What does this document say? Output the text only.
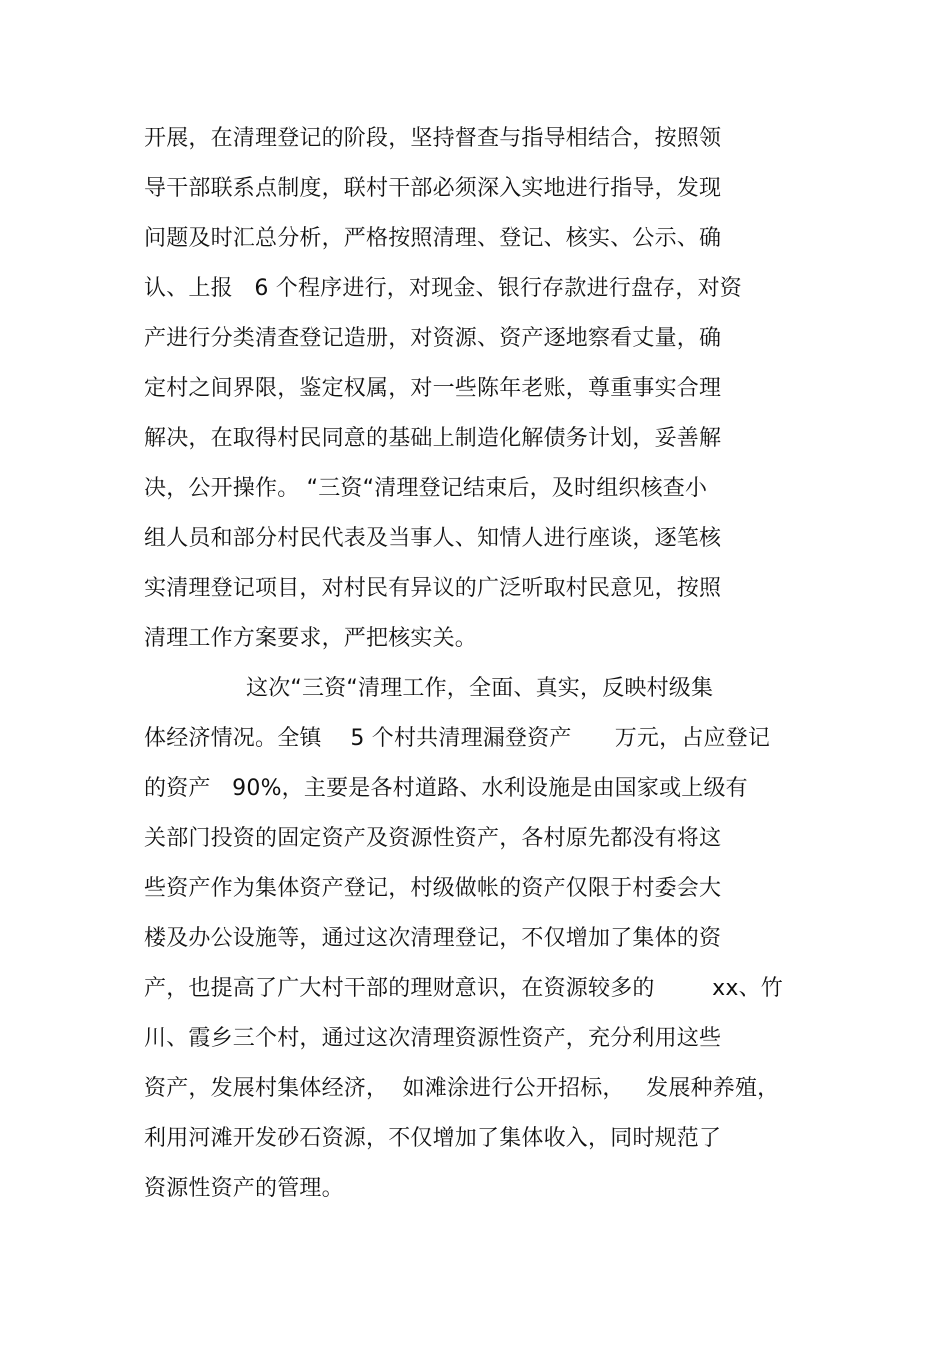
开展，在清理登记的阶段，坚持督查与指导相结合，按照领
导干部联系点制度，联村干部必须深入实地进行指导，发现
问题及时汇总分析，严格按照清理、登记、核实、公示、确
认、上报   6 个程序进行，对现金、银行存款进行盘存，对资
产进行分类清查登记造册，对资源、资产逐地察看丈量，确
定村之间界限，鉴定权属，对一些陈年老账，尊重事实合理
解决，在取得村民同意的基础上制造化解债务计划，妥善解
决，公开操作。 “三资“清理登记结束后，及时组织核查小
组人员和部分村民代表及当事人、知情人进行座谈，逐笔核
实清理登记项目，对村民有异议的广泛听取村民意见，按照
清理工作方案要求，严把核实关。
这次“三资“清理工作，全面、真实，反映村级集
体经济情况。全镇    5 个村共清理漏登资产      万元，占应登记
的资产   90%，主要是各村道路、水利设施是由国家或上级有
关部门投资的固定资产及资源性资产，各村原先都没有将这
些资产作为集体资产登记，村级做帐的资产仅限于村委会大
楼及办公设施等，通过这次清理登记，不仅增加了集体的资
产，也提高了广大村干部的理财意识，在资源较多的        xx、竹
川、霞乡三个村，通过这次清理资源性资产，充分利用这些
资产，发展村集体经济，  如滩涂进行公开招标，   发展种养殖，
利用河滩开发砂石资源，不仅增加了集体收入，同时规范了
资源性资产的管理。
